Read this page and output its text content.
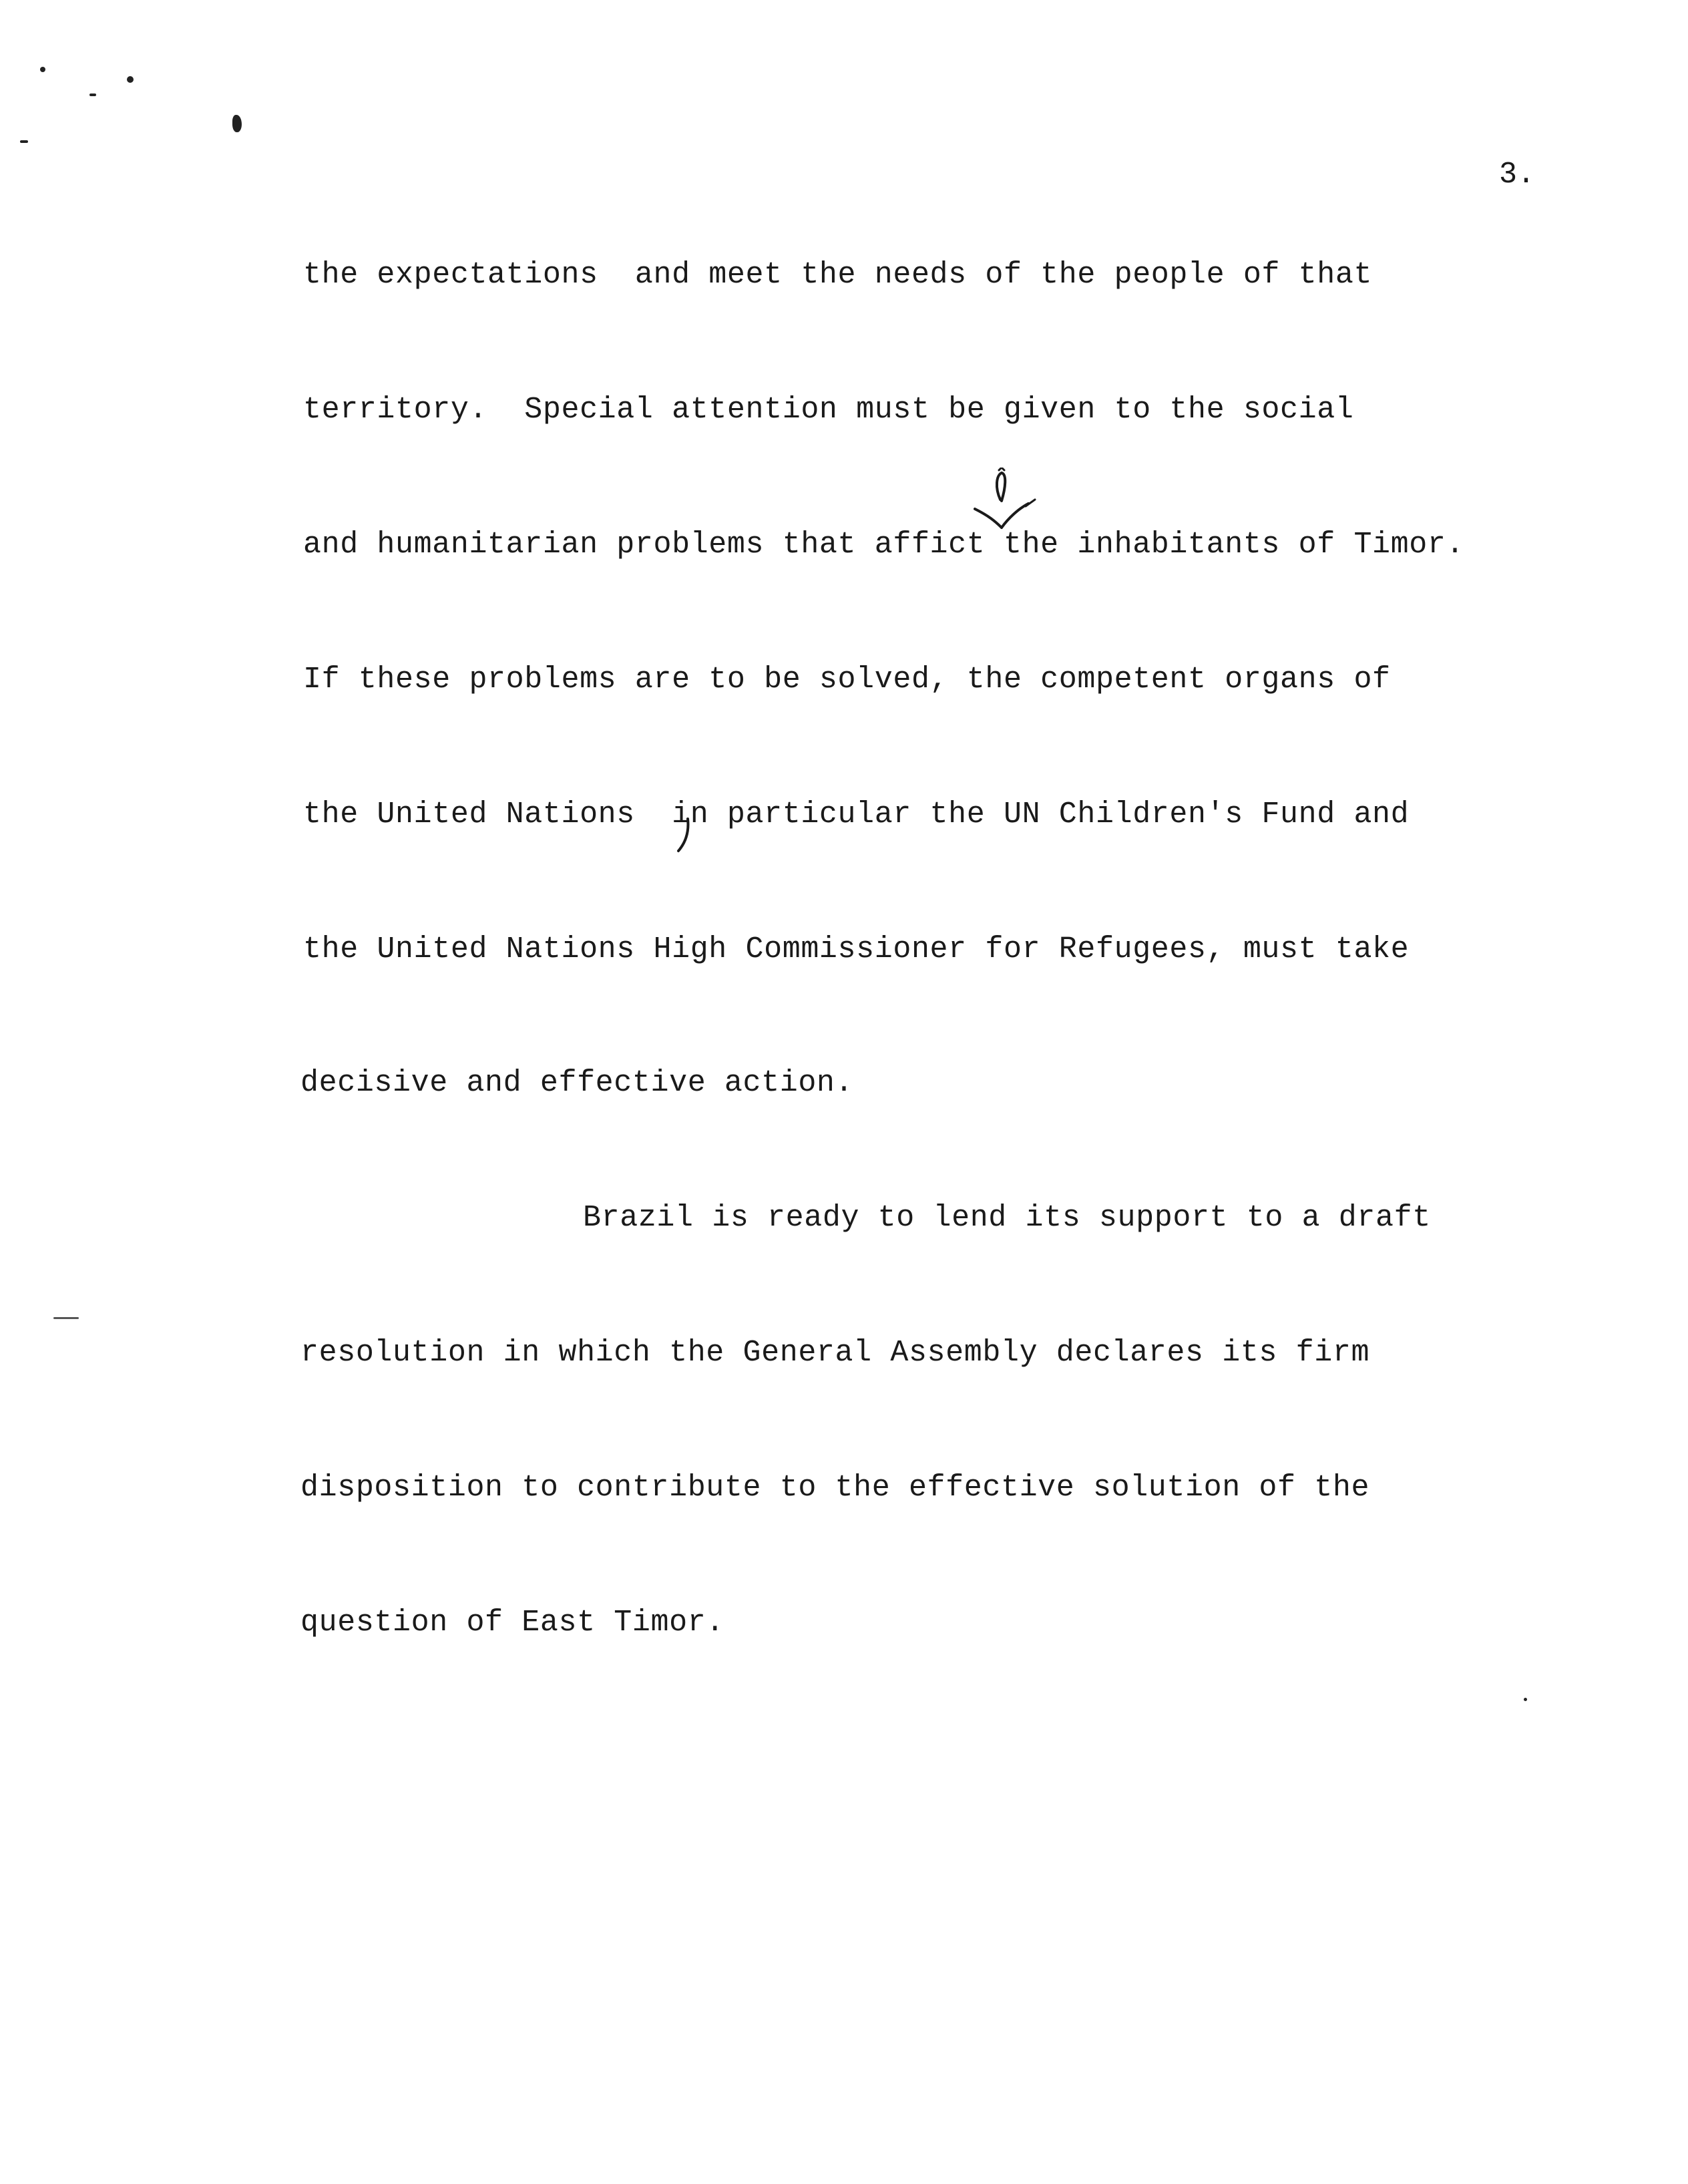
3.
the expectations  and meet the needs of the people of that
territory.  Special attention must be given to the social
and humanitarian problems that affict the inhabitants of Timor.
If these problems are to be solved, the competent organs of
the United Nations  in particular the UN Children's Fund and
the United Nations High Commissioner for Refugees, must take
decisive and effective action.
Brazil is ready to lend its support to a draft
resolution in which the General Assembly declares its firm
disposition to contribute to the effective solution of the
question of East Timor.
